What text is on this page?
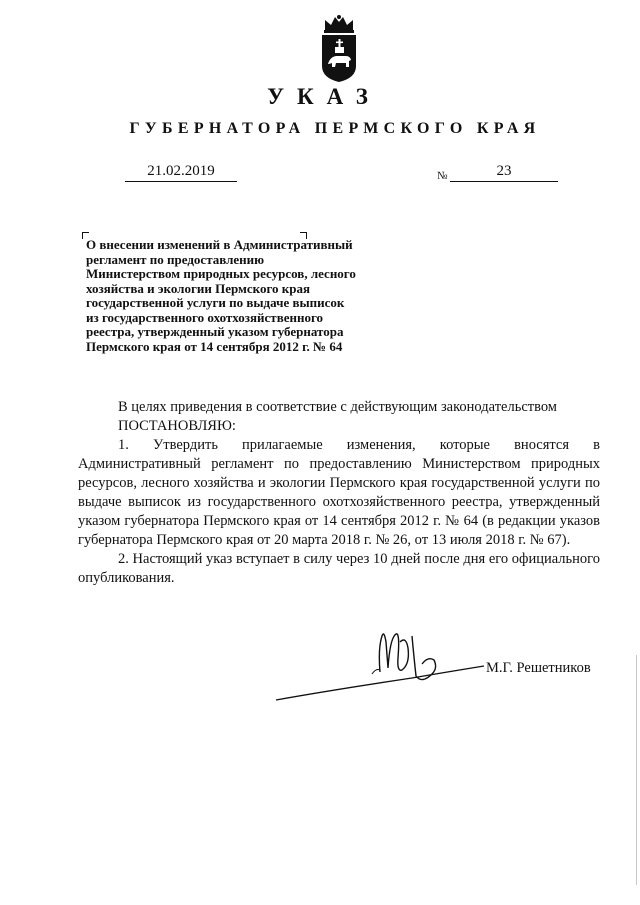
УКАЗ
ГУБЕРНАТОРА ПЕРМСКОГО КРАЯ
21.02.2019	№	23
О внесении изменений в Административный
регламент по предоставлению
Министерством природных ресурсов, лесного
хозяйства и экологии Пермского края
государственной услуги по выдаче выписок
из государственного охотхозяйственного
реестра, утвержденный указом губернатора
Пермского края от 14 сентября 2012 г. № 64

В целях приведения в соответствие с действующим законодательством

ПОСТАНОВЛЯЮ:

1. Утвердить прилагаемые изменения, которые вносятся в Административный регламент по предоставлению Министерством природных ресурсов, лесного хозяйства и экологии Пермского края государственной услуги по выдаче выписок из государственного охотхозяйственного реестра, утвержденный указом губернатора Пермского края от 14 сентября 2012 г. № 64 (в редакции указов губернатора Пермского края от 20 марта 2018 г. № 26, от 13 июля 2018 г. № 67).

2. Настоящий указ вступает в силу через 10 дней после дня его официального опубликования.

М.Г. Решетников
